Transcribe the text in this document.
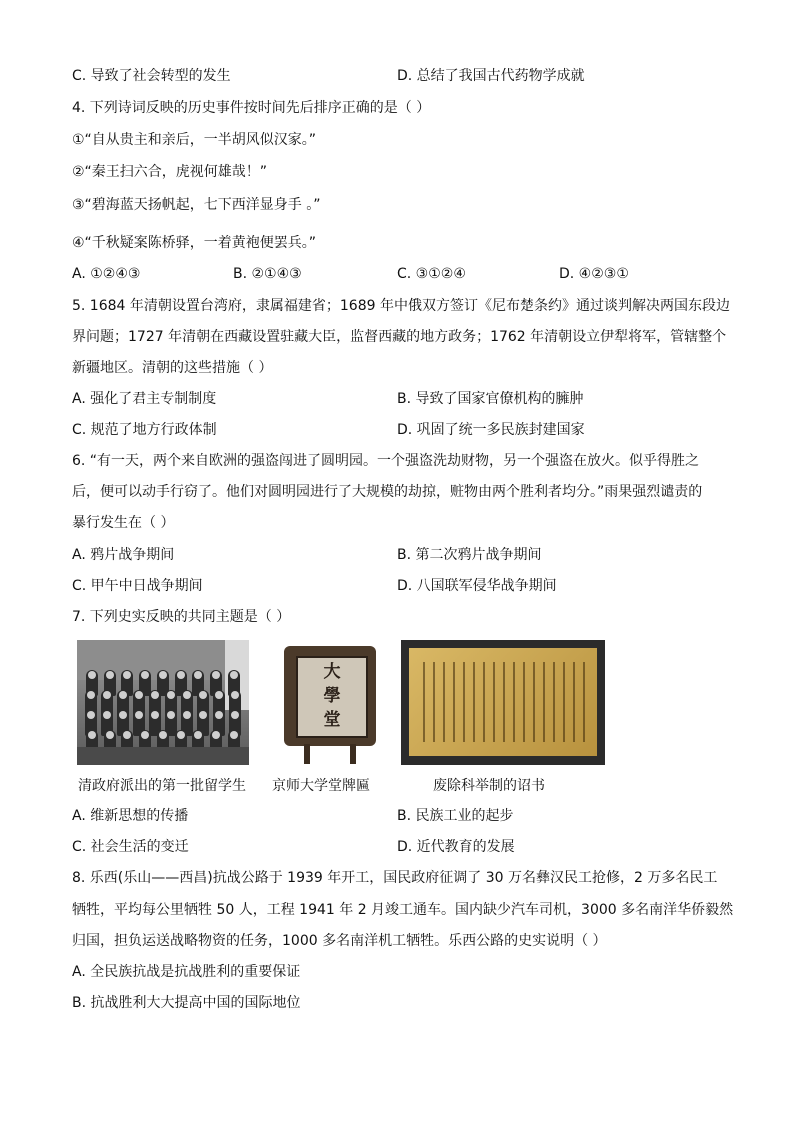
C. 导致了社会转型的发生	D. 总结了我国古代药物学成就
4. 下列诗词反映的历史事件按时间先后排序正确的是（ ）
①“自从贵主和亲后，一半胡风似汉家。”
②“秦王扫六合，虎视何雄哉！”
③“碧海蓝天扬帆起，七下西洋显身手 。”
④“千秋疑案陈桥驿，一着黄袍便罢兵。”
A. ①②④③	B. ②①④③	C. ③①②④	D. ④②③①
5. 1684 年清朝设置台湾府，隶属福建省；1689 年中俄双方签订《尼布楚条约》通过谈判解决两国东段边
界问题；1727 年清朝在西藏设置驻藏大臣，监督西藏的地方政务；1762 年清朝设立伊犁将军，管辖整个
新疆地区。清朝的这些措施（ ）
A. 强化了君主专制制度	B. 导致了国家官僚机构的臃肿
C. 规范了地方行政体制	D. 巩固了统一多民族封建国家
6. “有一天，两个来自欧洲的强盗闯进了圆明园。一个强盗洗劫财物，另一个强盗在放火。似乎得胜之
后，便可以动手行窃了。他们对圆明园进行了大规模的劫掠，赃物由两个胜利者均分。”雨果强烈谴责的
暴行发生在（ ）
A. 鸦片战争期间	B. 第二次鸦片战争期间
C. 甲午中日战争期间	D. 八国联军侵华战争期间
7. 下列史实反映的共同主题是（ ）
大
學
堂
清政府派出的第一批留学生 京师大学堂牌匾	废除科举制的诏书
A. 维新思想的传播	B. 民族工业的起步
C. 社会生活的变迁	D. 近代教育的发展
8. 乐西(乐山——西昌)抗战公路于 1939 年开工，国民政府征调了 30 万名彝汉民工抢修，2 万多名民工
牺牲，平均每公里牺牲 50 人，工程 1941 年 2 月竣工通车。国内缺少汽车司机，3000 多名南洋华侨毅然
归国，担负运送战略物资的任务，1000 多名南洋机工牺牲。乐西公路的史实说明（ ）
A. 全民族抗战是抗战胜利的重要保证
B. 抗战胜利大大提高中国的国际地位
